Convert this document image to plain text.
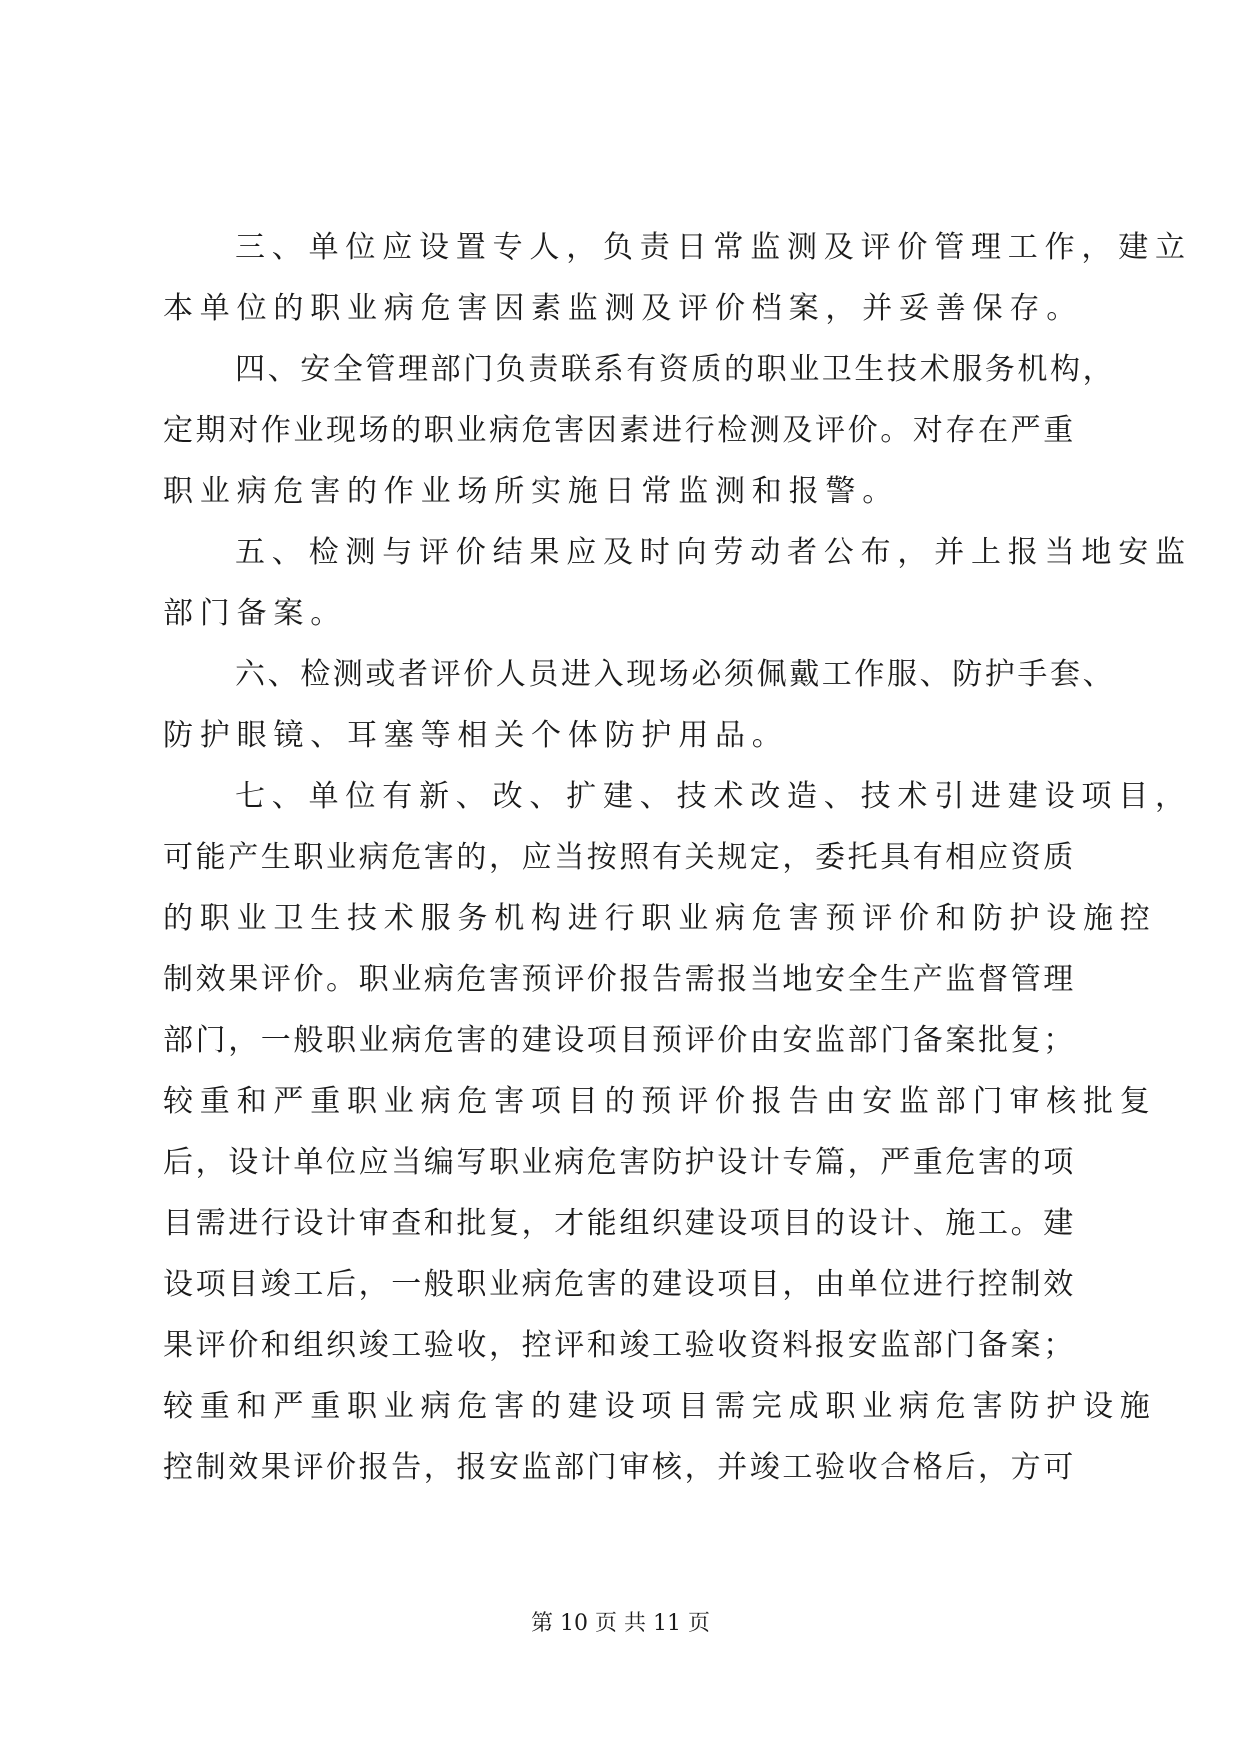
三、单位应设置专人，负责日常监测及评价管理工作，建立
本单位的职业病危害因素监测及评价档案，并妥善保存。
四、安全管理部门负责联系有资质的职业卫生技术服务机构，
定期对作业现场的职业病危害因素进行检测及评价。对存在严重
职业病危害的作业场所实施日常监测和报警。
五、检测与评价结果应及时向劳动者公布，并上报当地安监
部门备案。
六、检测或者评价人员进入现场必须佩戴工作服、防护手套、
防护眼镜、耳塞等相关个体防护用品。
七、单位有新、改、扩建、技术改造、技术引进建设项目，
可能产生职业病危害的，应当按照有关规定，委托具有相应资质
的职业卫生技术服务机构进行职业病危害预评价和防护设施控
制效果评价。职业病危害预评价报告需报当地安全生产监督管理
部门，一般职业病危害的建设项目预评价由安监部门备案批复；
较重和严重职业病危害项目的预评价报告由安监部门审核批复
后，设计单位应当编写职业病危害防护设计专篇，严重危害的项
目需进行设计审查和批复，才能组织建设项目的设计、施工。建
设项目竣工后，一般职业病危害的建设项目，由单位进行控制效
果评价和组织竣工验收，控评和竣工验收资料报安监部门备案；
较重和严重职业病危害的建设项目需完成职业病危害防护设施
控制效果评价报告，报安监部门审核，并竣工验收合格后，方可
第 10 页 共 11 页
